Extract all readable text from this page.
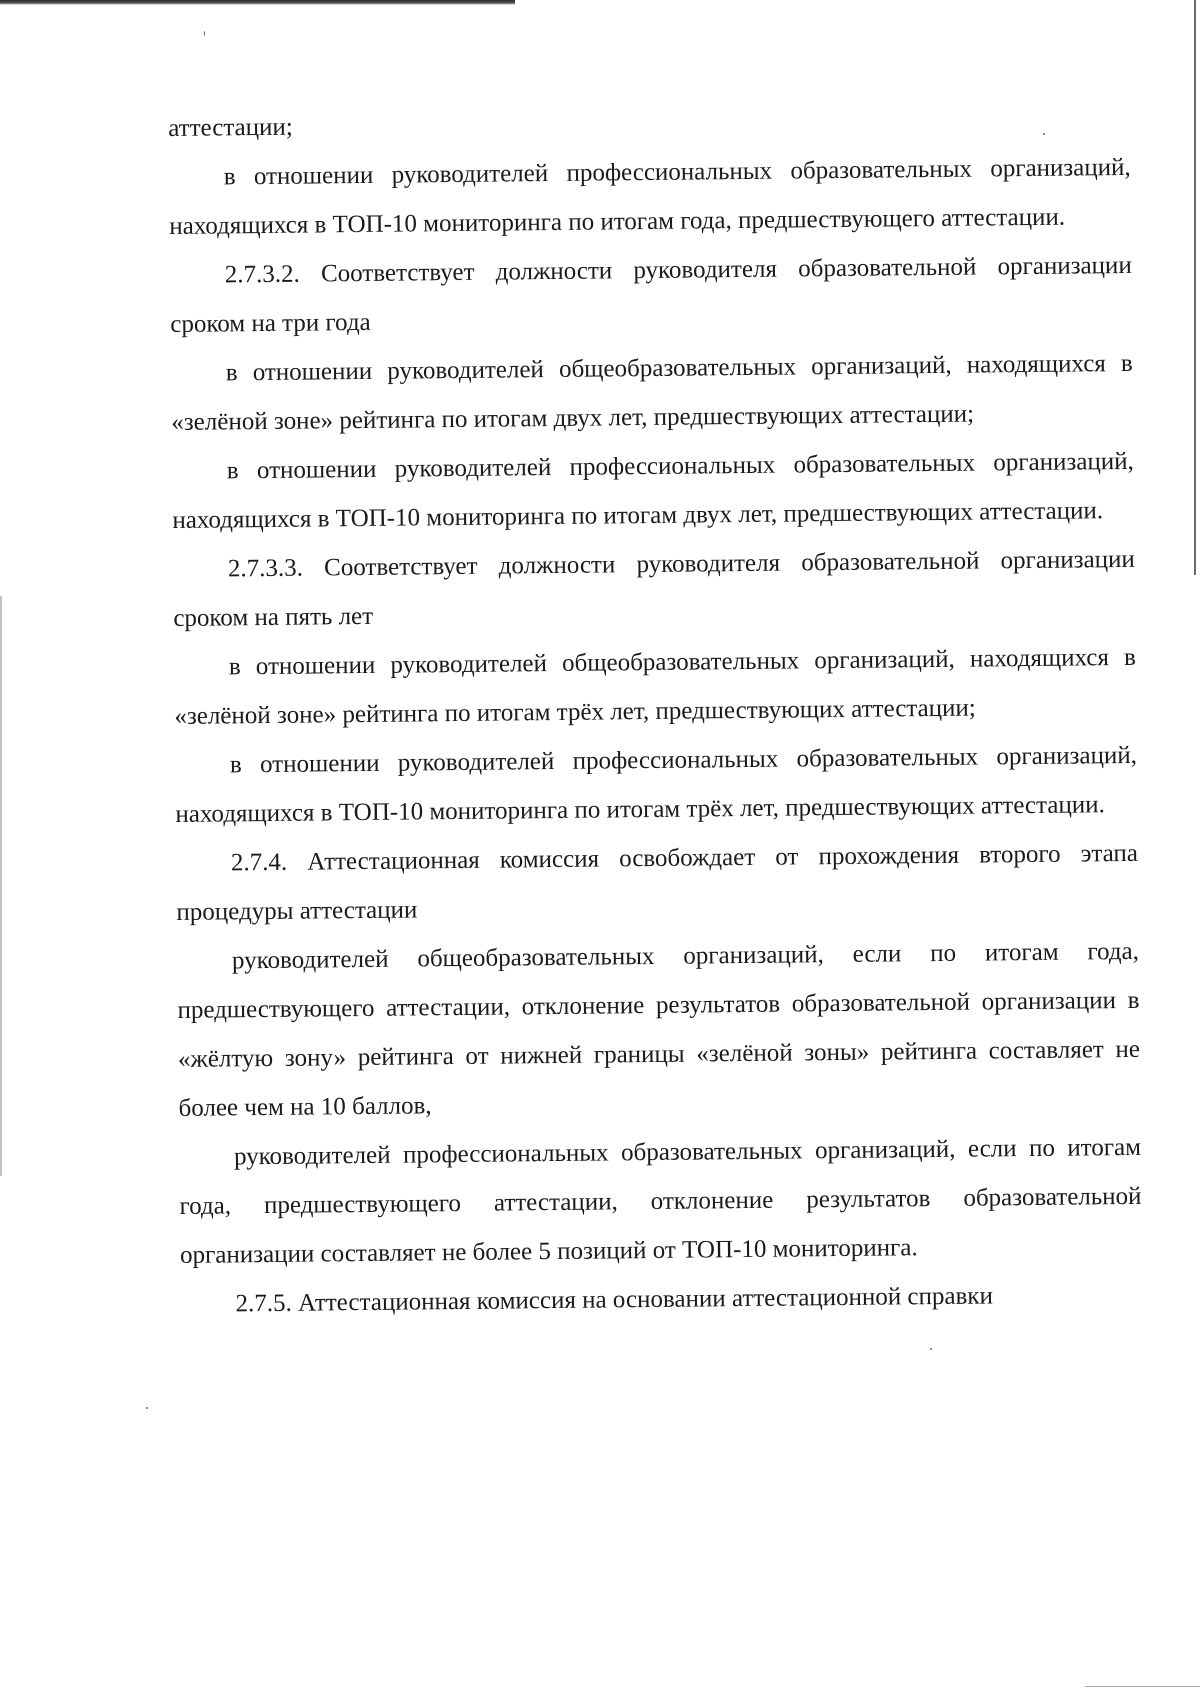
аттестации;

в отношении руководителей профессиональных образовательных организаций, находящихся в ТОП-10 мониторинга по итогам года, предшествующего аттестации.

2.7.3.2. Соответствует должности руководителя образовательной организации сроком на три года

в отношении руководителей общеобразовательных организаций, находящихся в «зелёной зоне» рейтинга по итогам двух лет, предшествующих аттестации;

в отношении руководителей профессиональных образовательных организаций, находящихся в ТОП-10 мониторинга по итогам двух лет, предшествующих аттестации.

2.7.3.3. Соответствует должности руководителя образовательной организации сроком на пять лет

в отношении руководителей общеобразовательных организаций, находящихся в «зелёной зоне» рейтинга по итогам трёх лет, предшествующих аттестации;

в отношении руководителей профессиональных образовательных организаций, находящихся в ТОП-10 мониторинга по итогам трёх лет, предшествующих аттестации.

2.7.4. Аттестационная комиссия освобождает от прохождения второго этапа процедуры аттестации

руководителей общеобразовательных организаций, если по итогам года, предшествующего аттестации, отклонение результатов образовательной организации в «жёлтую зону» рейтинга от нижней границы «зелёной зоны» рейтинга составляет не более чем на 10 баллов,

руководителей профессиональных образовательных организаций, если по итогам года, предшествующего аттестации, отклонение результатов образовательной организации составляет не более 5 позиций от ТОП-10 мониторинга.

2.7.5. Аттестационная комиссия на основании аттестационной справки
